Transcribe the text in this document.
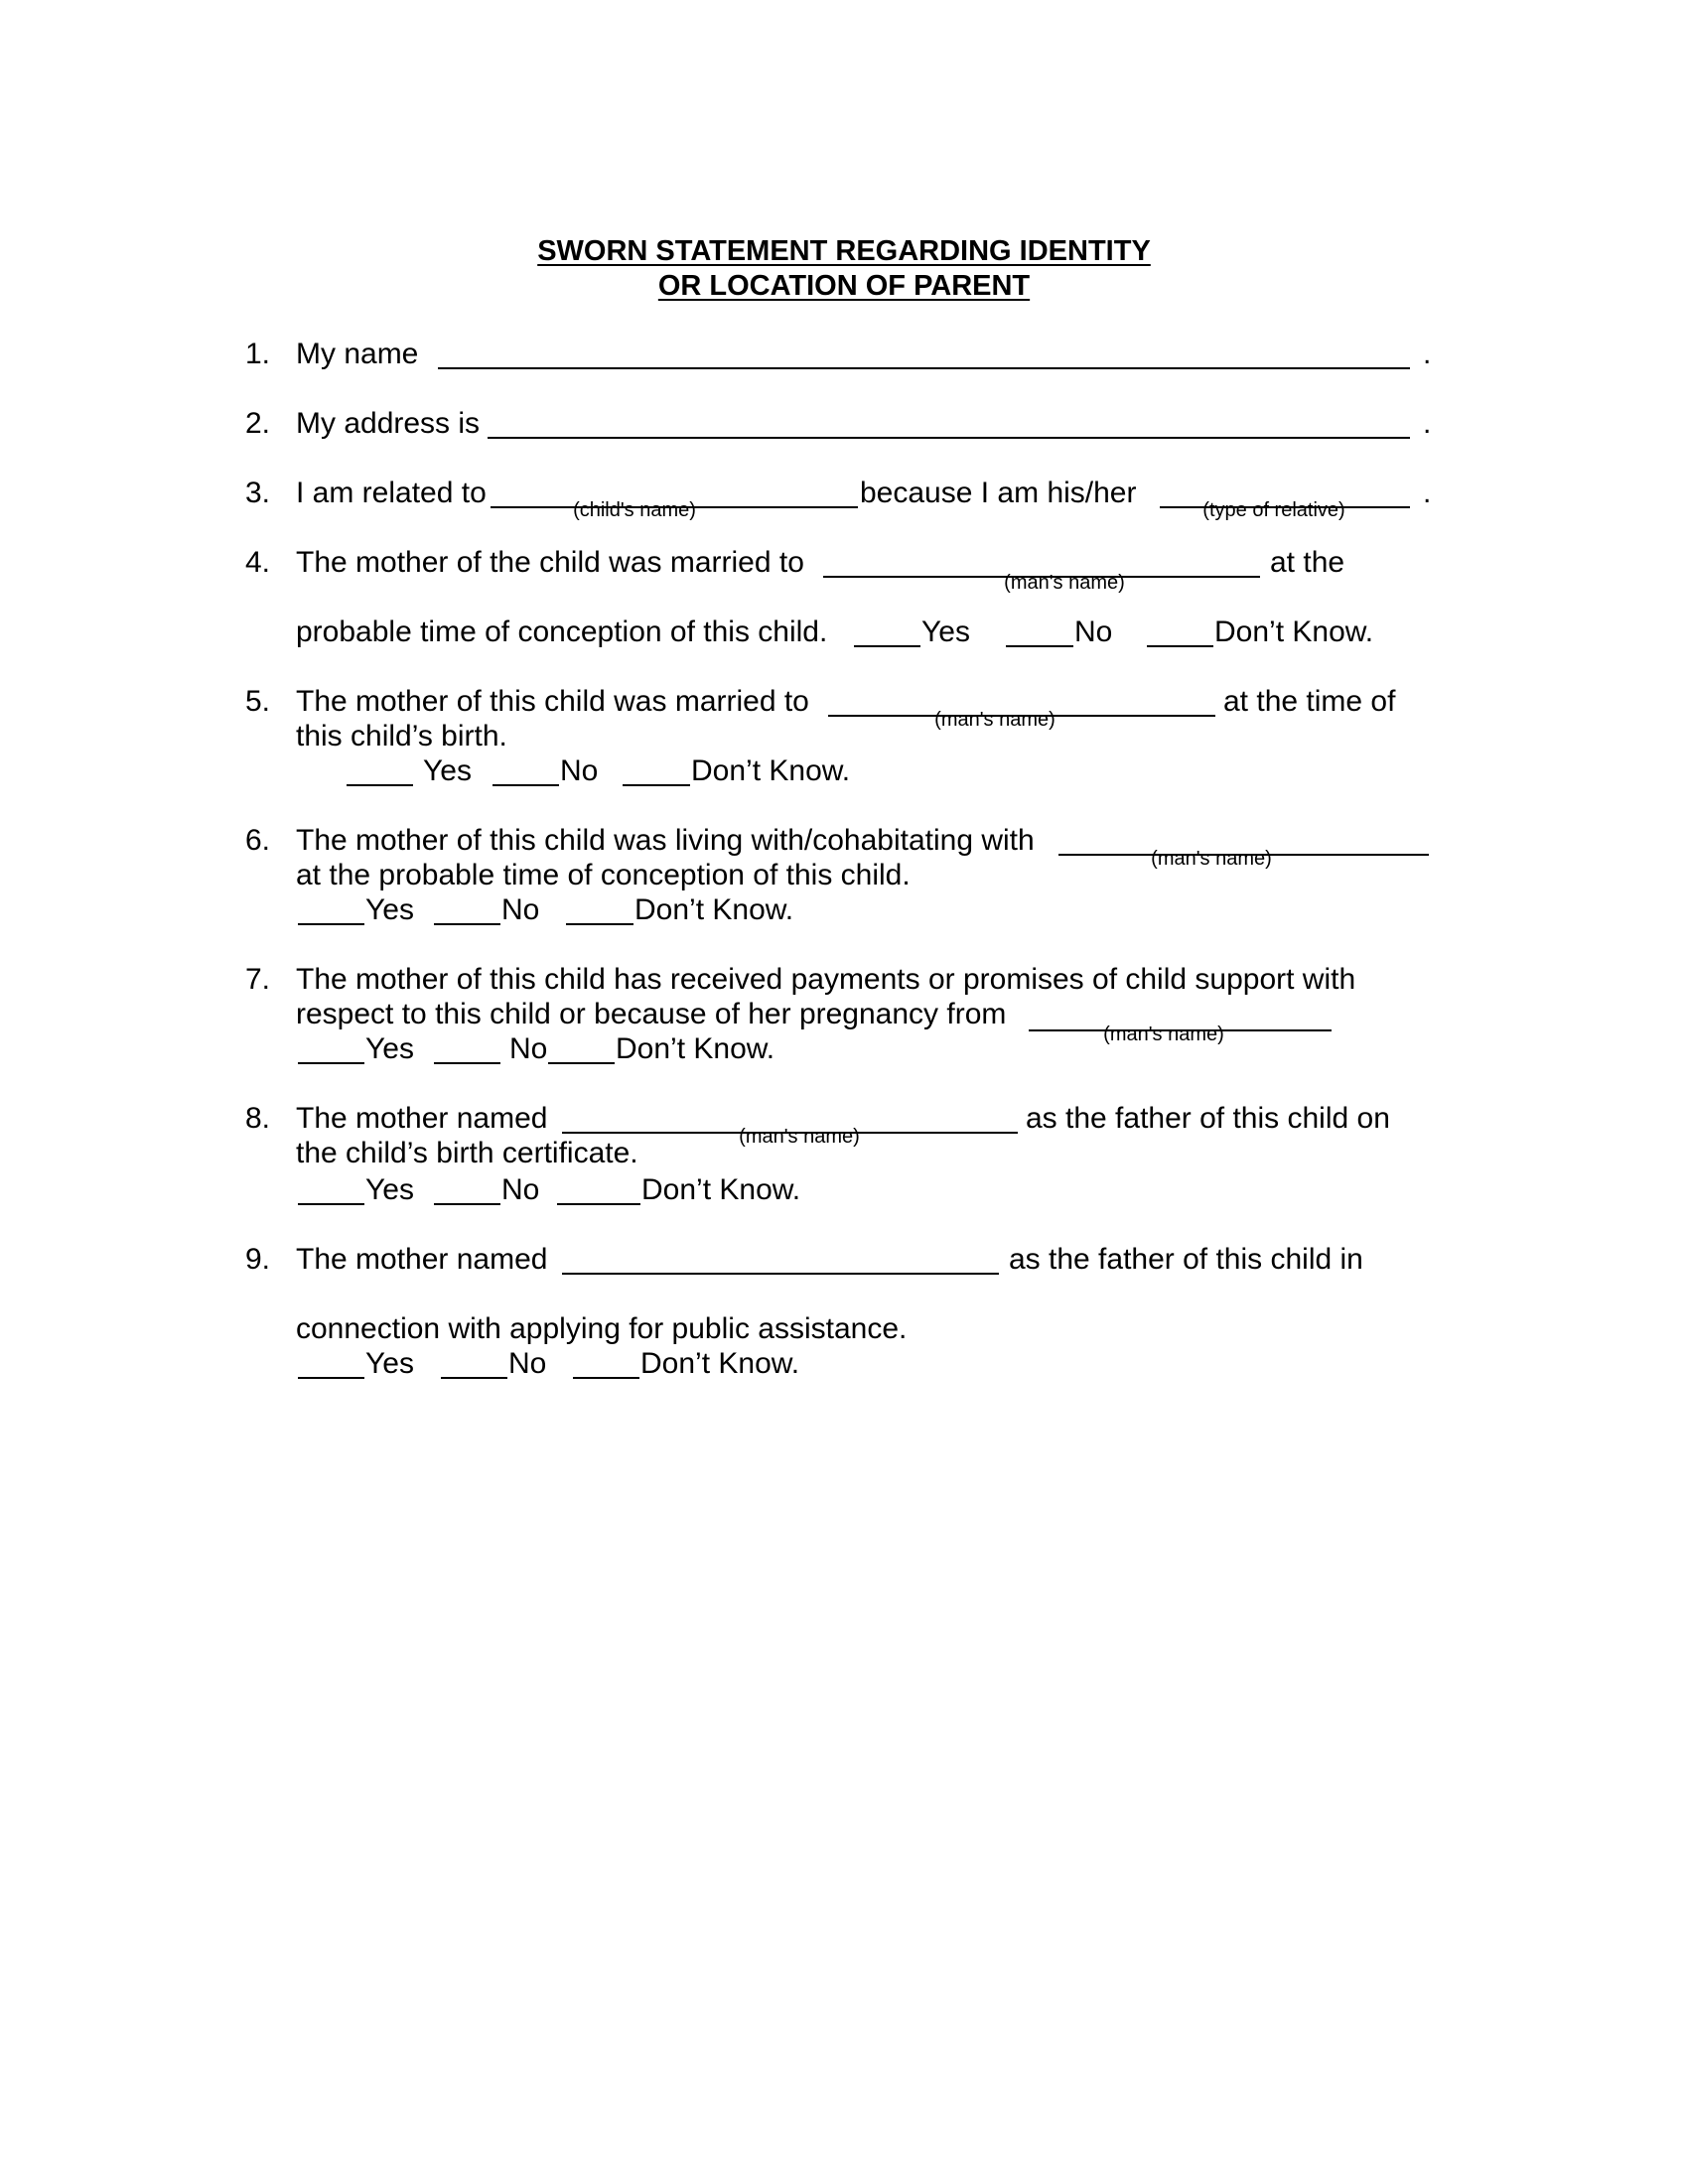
SWORN STATEMENT REGARDING IDENTITY
OR LOCATION OF PARENT
1. My name	.
2. My address is	.
3. I am related to
(child's name)
because I am his/her
(type of relative)
.
4. The mother of the child was married to
(man's name)
at the
probable time of conception of this child.	Yes	No	Don’t Know.
5. The mother of this child was married to
(man's name)
at the time of
this child’s birth.
Yes	No	Don’t Know.
6. The mother of this child was living with/cohabitating with
(man's name)
at the probable time of conception of this child.
Yes	No	Don’t Know.
7. The mother of this child has received payments or promises of child support with
respect to this child or because of her pregnancy from
(man's name)
Yes	No Don’t Know.
8. The mother named
(man's name)
as the father of this child on
the child’s birth certificate.
Yes	No	Don’t Know.
9. The mother named	as the father of this child in
connection with applying for public assistance.
Yes	No	Don’t Know.
